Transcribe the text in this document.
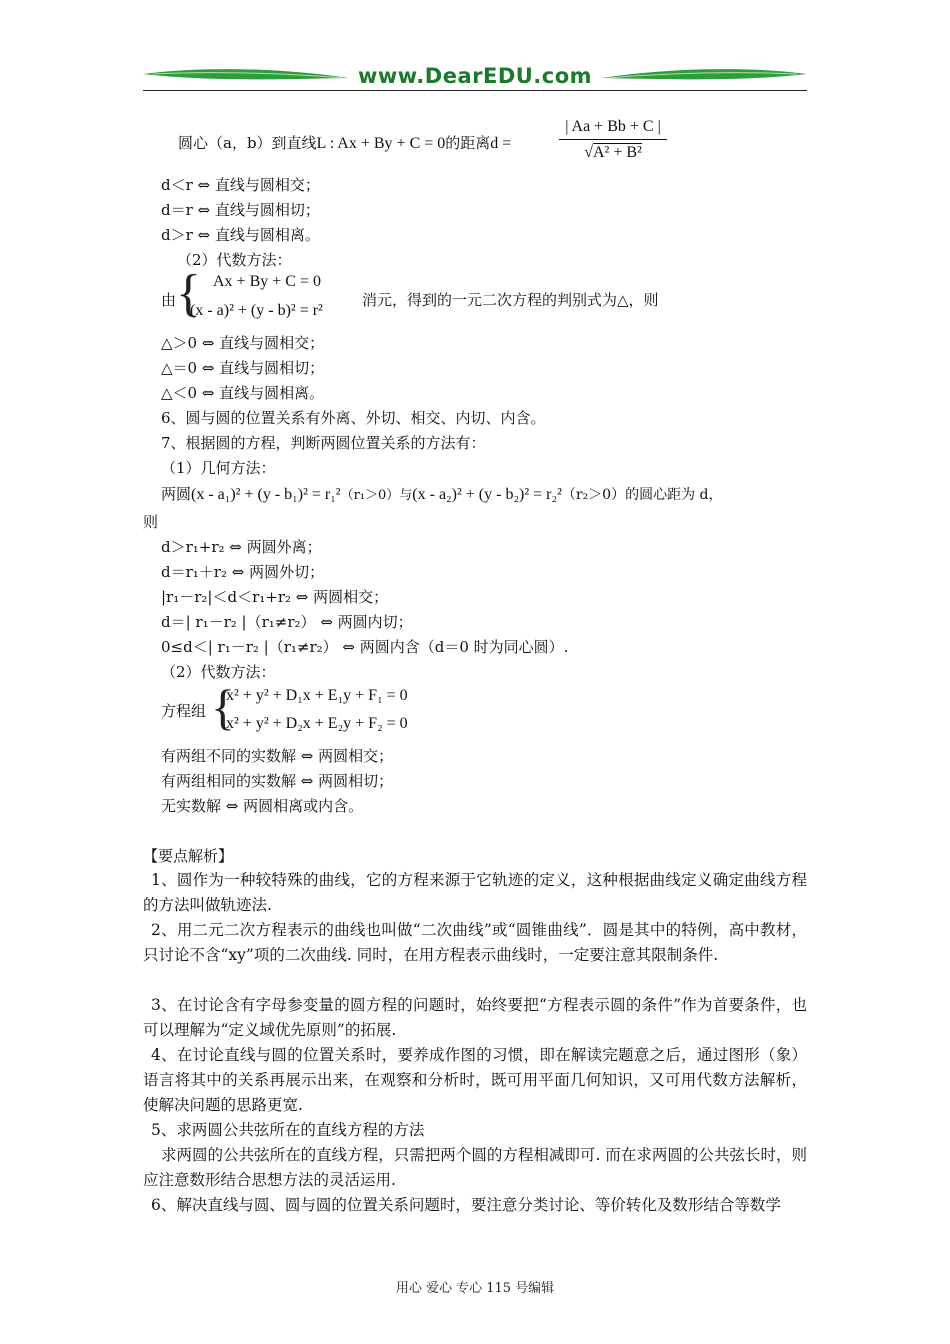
www.DearEDU.com
圆心（a，b）到直线L : Ax + By + C = 0的距离d =
| Aa + Bb + C |
√A² + B²
d＜r ⇔ 直线与圆相交；
d＝r ⇔ 直线与圆相切；
d＞r ⇔ 直线与圆相离。
（2）代数方法：
由 { Ax + By + C = 0
(x - a)² + (y - b)² = r²
消元，得到的一元二次方程的判别式为△，则
△＞0 ⇔ 直线与圆相交；
△＝0 ⇔ 直线与圆相切；
△＜0 ⇔ 直线与圆相离。
6、圆与圆的位置关系有外离、外切、相交、内切、内含。
7、根据圆的方程，判断两圆位置关系的方法有：
（1）几何方法：
两圆(x - a₁)² + (y - b₁)² = r₁²（r₁＞0）与(x - a₂)² + (y - b₂)² = r₂²（r₂＞0）的圆心距为 d，
则
d＞r₁+r₂ ⇔ 两圆外离；
d＝r₁＋r₂ ⇔ 两圆外切；
|r₁－r₂|＜d＜r₁+r₂ ⇔ 两圆相交；
d＝| r₁－r₂ |（r₁≠r₂） ⇔ 两圆内切；
0≤d＜| r₁－r₂ |（r₁≠r₂） ⇔ 两圆内含（d＝0 时为同心圆）.
（2）代数方法：
方程组 {
x² + y² + D₁x + E₁y + F₁ = 0
x² + y² + D₂x + E₂y + F₂ = 0
有两组不同的实数解 ⇔ 两圆相交；
有两组相同的实数解 ⇔ 两圆相切；
无实数解 ⇔ 两圆相离或内含。
【要点解析】
1、圆作为一种较特殊的曲线，它的方程来源于它轨迹的定义，这种根据曲线定义确定曲线方程的方法叫做轨迹法.
2、用二元二次方程表示的曲线也叫做“二次曲线”或“圆锥曲线”．圆是其中的特例，高中教材，只讨论不含“xy”项的二次曲线. 同时，在用方程表示曲线时，一定要注意其限制条件.
3、在讨论含有字母参变量的圆方程的问题时，始终要把“方程表示圆的条件”作为首要条件，也可以理解为“定义域优先原则”的拓展.
4、在讨论直线与圆的位置关系时，要养成作图的习惯，即在解读完题意之后，通过图形（象）语言将其中的关系再展示出来，在观察和分析时，既可用平面几何知识，又可用代数方法解析，使解决问题的思路更宽.
5、求两圆公共弦所在的直线方程的方法
求两圆的公共弦所在的直线方程，只需把两个圆的方程相减即可. 而在求两圆的公共弦长时，则应注意数形结合思想方法的灵活运用.
6、解决直线与圆、圆与圆的位置关系问题时，要注意分类讨论、等价转化及数形结合等数学
用心 爱心 专心 115 号编辑
